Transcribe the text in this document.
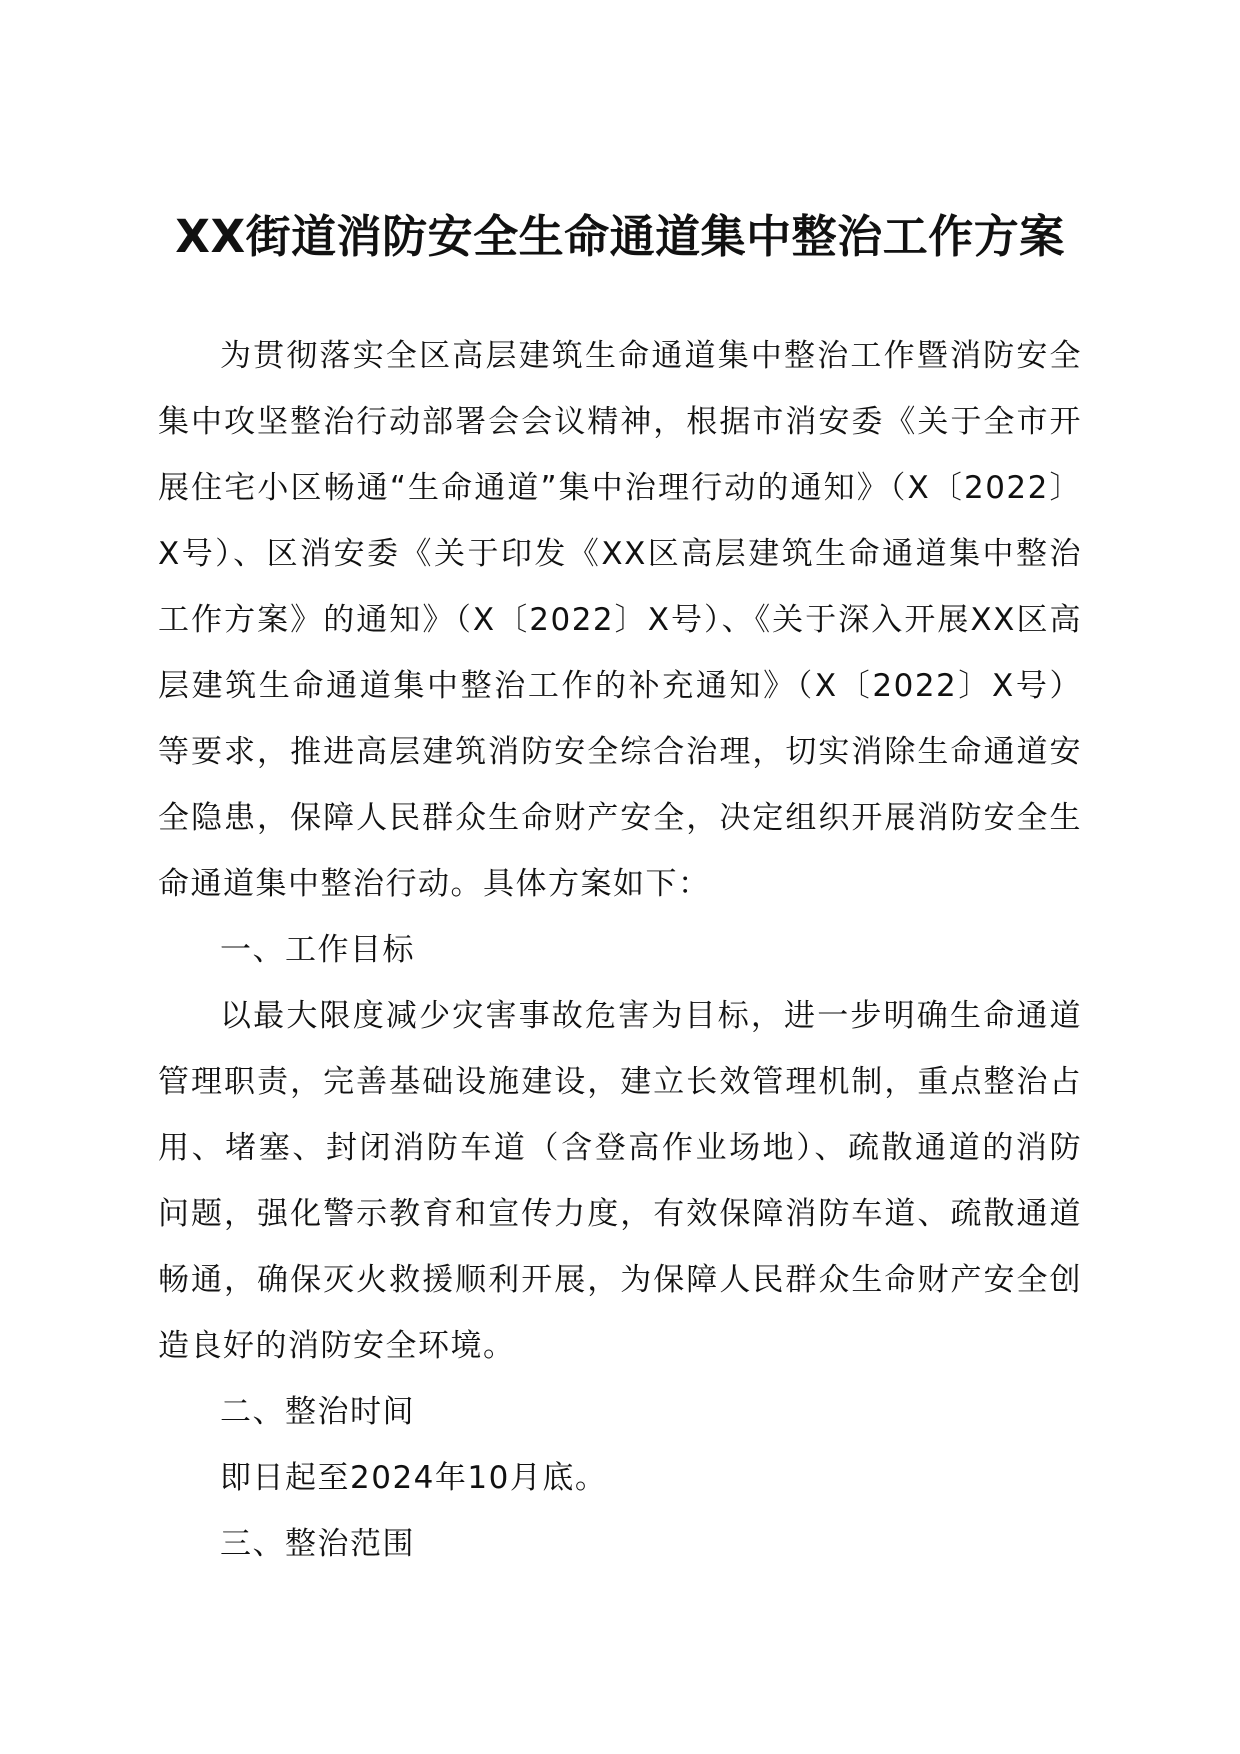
XX街道消防安全生命通道集中整治工作方案

为贯彻落实全区高层建筑生命通道集中整治工作暨消防安全集中攻坚整治行动部署会会议精神，根据市消安委《关于全市开展住宅小区畅通“生命通道”集中治理行动的通知》（X〔2022〕X号）、区消安委《关于印发《XX区高层建筑生命通道集中整治工作方案》的通知》（X〔2022〕X号）、《关于深入开展XX区高层建筑生命通道集中整治工作的补充通知》（X〔2022〕X号）等要求，推进高层建筑消防安全综合治理，切实消除生命通道安全隐患，保障人民群众生命财产安全，决定组织开展消防安全生命通道集中整治行动。具体方案如下：

一、工作目标

以最大限度减少灾害事故危害为目标，进一步明确生命通道管理职责，完善基础设施建设，建立长效管理机制，重点整治占用、堵塞、封闭消防车道（含登高作业场地）、疏散通道的消防问题，强化警示教育和宣传力度，有效保障消防车道、疏散通道畅通，确保灭火救援顺利开展，为保障人民群众生命财产安全创造良好的消防安全环境。

二、整治时间

即日起至2024年10月底。

三、整治范围
